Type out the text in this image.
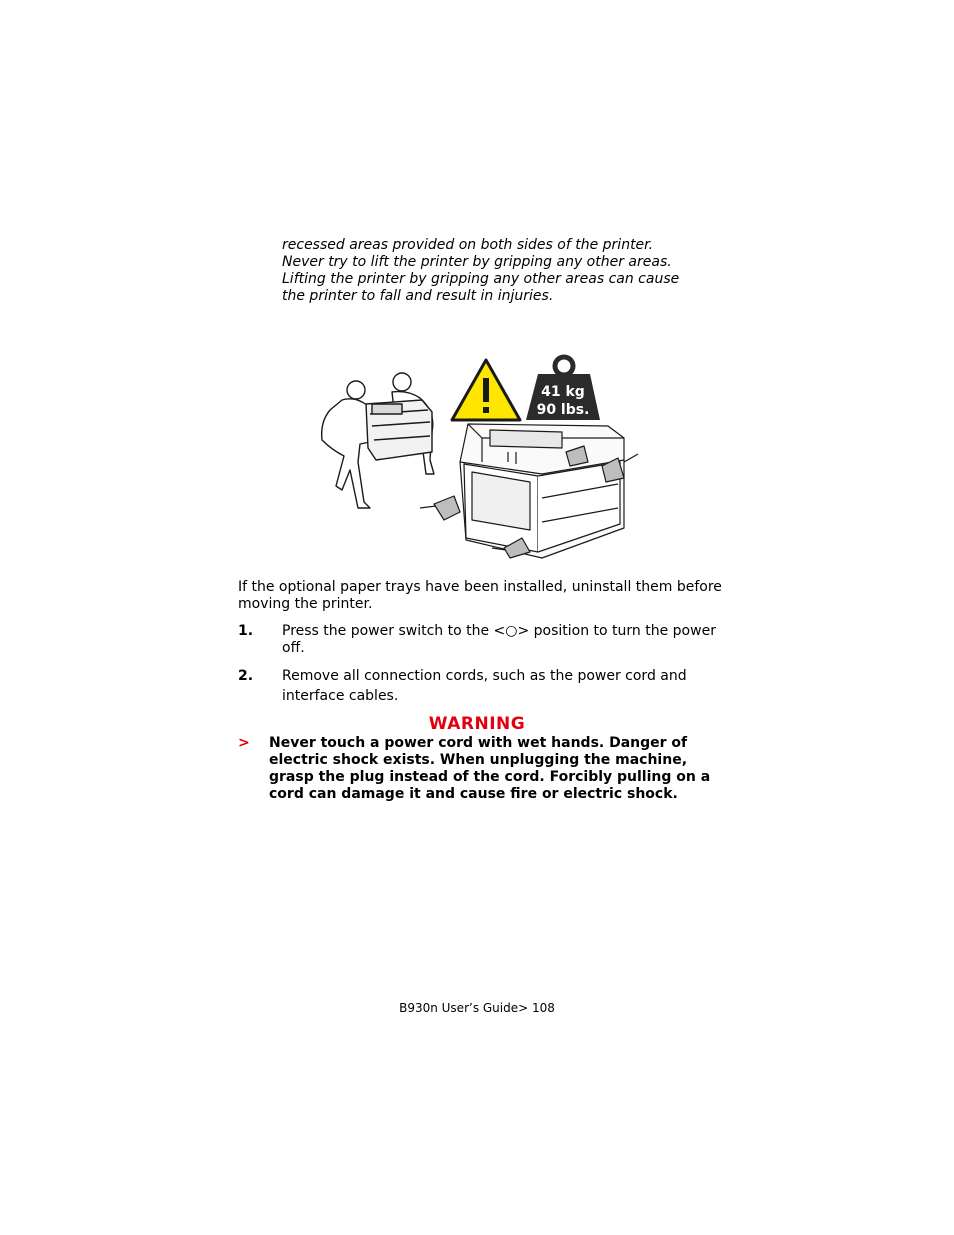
recessed areas provided on both sides of the printer.
Never try to lift the printer by gripping any other areas.
Lifting the printer by gripping any other areas can cause
the printer to fall and result in injuries.
41 kg
90 lbs.
If the optional paper trays have been installed, uninstall them before
moving the printer.
1. Press the power switch to the <○> position to turn the power
off.
2. Remove all connection cords, such as the power cord and
interface cables.
WARNING
> Never touch a power cord with wet hands. Danger of
electric shock exists. When unplugging the machine,
grasp the plug instead of the cord. Forcibly pulling on a
cord can damage it and cause fire or electric shock.
B930n User’s Guide> 108
